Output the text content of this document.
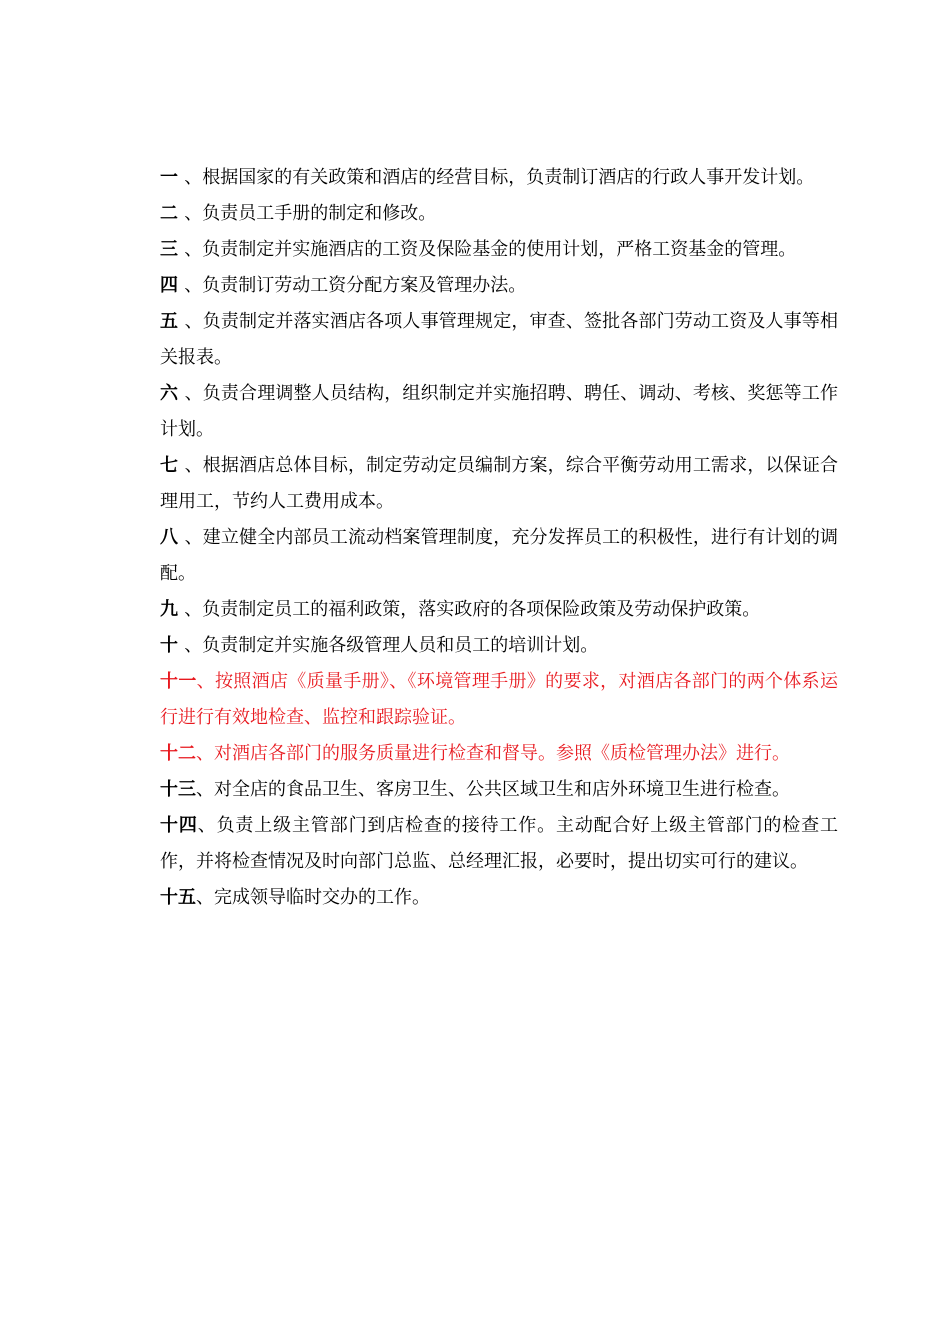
一 、根据国家的有关政策和酒店的经营目标，负责制订酒店的行政人事开发计划。

二 、负责员工手册的制定和修改。

三 、负责制定并实施酒店的工资及保险基金的使用计划，严格工资基金的管理。

四 、负责制订劳动工资分配方案及管理办法。

五 、负责制定并落实酒店各项人事管理规定，审查、签批各部门劳动工资及人事等相关报表。

六 、负责合理调整人员结构，组织制定并实施招聘、聘任、调动、考核、奖惩等工作计划。

七 、根据酒店总体目标，制定劳动定员编制方案，综合平衡劳动用工需求，以保证合理用工，节约人工费用成本。

八 、建立健全内部员工流动档案管理制度，充分发挥员工的积极性，进行有计划的调配。

九 、负责制定员工的福利政策，落实政府的各项保险政策及劳动保护政策。

十 、负责制定并实施各级管理人员和员工的培训计划。

十一、按照酒店《质量手册》、《环境管理手册》的要求，对酒店各部门的两个体系运行进行有效地检查、监控和跟踪验证。

十二、对酒店各部门的服务质量进行检查和督导。参照《质检管理办法》进行。

十三、对全店的食品卫生、客房卫生、公共区域卫生和店外环境卫生进行检查。

十四、负责上级主管部门到店检查的接待工作。主动配合好上级主管部门的检查工作，并将检查情况及时向部门总监、总经理汇报，必要时，提出切实可行的建议。

十五、完成领导临时交办的工作。
